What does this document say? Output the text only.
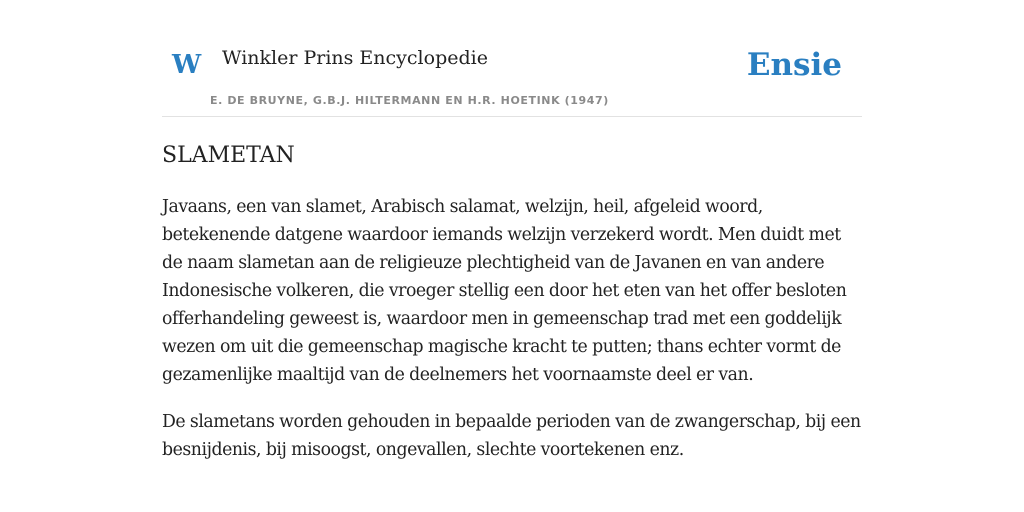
W Winkler Prins Encyclopedie
E. DE BRUYNE, G.B.J. HILTERMANN EN H.R. HOETINK (1947)
Ensie
SLAMETAN

Javaans, een van slamet, Arabisch salamat, welzijn, heil, afgeleid woord, betekenende datgene waardoor iemands welzijn verzekerd wordt. Men duidt met de naam slametan aan de religieuze plechtigheid van de Javanen en van andere Indonesische volkeren, die vroeger stellig een door het eten van het offer besloten offerhandeling geweest is, waardoor men in gemeenschap trad met een goddelijk wezen om uit die gemeenschap magische kracht te putten; thans echter vormt de gezamenlijke maaltijd van de deelnemers het voornaamste deel er van.

De slametans worden gehouden in bepaalde perioden van de zwangerschap, bij een besnijdenis, bij misoogst, ongevallen, slechte voortekenen enz.
